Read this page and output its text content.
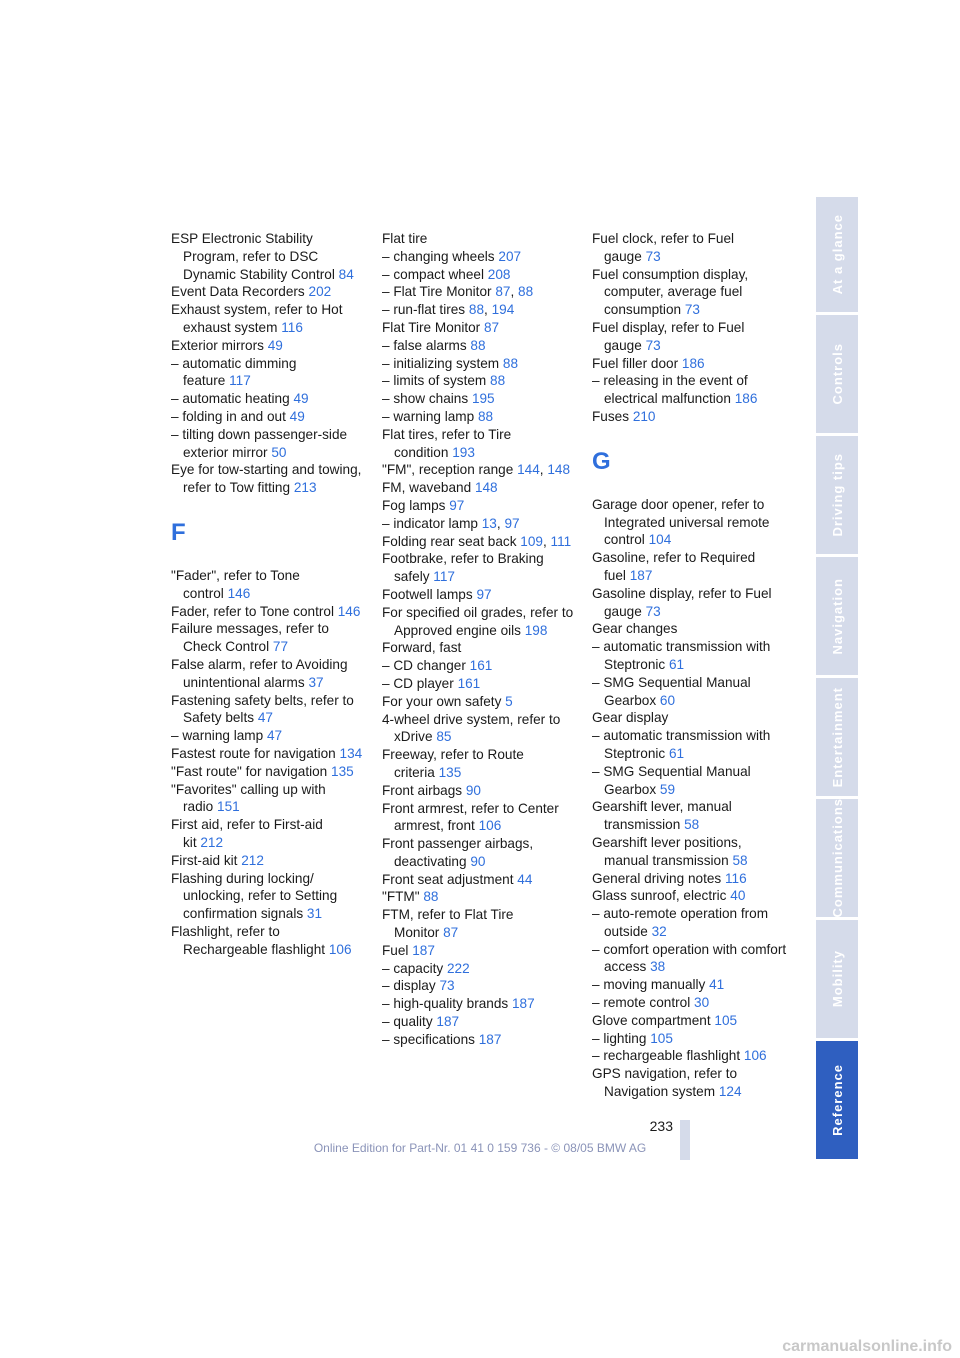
ESP Electronic Stability Program, refer to DSC Dynamic Stability Control 84

Event Data Recorders 202

Exhaust system, refer to Hot exhaust system 116

Exterior mirrors 49

– automatic dimming feature 117

– automatic heating 49

– folding in and out 49

– tilting down passenger-side exterior mirror 50

Eye for tow-starting and towing, refer to Tow fitting 213

F

"Fader", refer to Tone control 146

Fader, refer to Tone control 146

Failure messages, refer to Check Control 77

False alarm, refer to Avoiding unintentional alarms 37

Fastening safety belts, refer to Safety belts 47

– warning lamp 47

Fastest route for navigation 134

"Fast route" for navigation 135

"Favorites" calling up with radio 151

First aid, refer to First-aid kit 212

First-aid kit 212

Flashing during locking/ unlocking, refer to Setting confirmation signals 31

Flashlight, refer to Rechargeable flashlight 106

Flat tire

– changing wheels 207

– compact wheel 208

– Flat Tire Monitor 87, 88

– run-flat tires 88, 194

Flat Tire Monitor 87

– false alarms 88

– initializing system 88

– limits of system 88

– show chains 195

– warning lamp 88

Flat tires, refer to Tire condition 193

"FM", reception range 144, 148

FM, waveband 148

Fog lamps 97

– indicator lamp 13, 97

Folding rear seat back 109, 111

Footbrake, refer to Braking safely 117

Footwell lamps 97

For specified oil grades, refer to Approved engine oils 198

Forward, fast

– CD changer 161

– CD player 161

For your own safety 5

4-wheel drive system, refer to xDrive 85

Freeway, refer to Route criteria 135

Front airbags 90

Front armrest, refer to Center armrest, front 106

Front passenger airbags, deactivating 90

Front seat adjustment 44

"FTM" 88

FTM, refer to Flat Tire Monitor 87

Fuel 187

– capacity 222

– display 73

– high-quality brands 187

– quality 187

– specifications 187

Fuel clock, refer to Fuel gauge 73

Fuel consumption display, computer, average fuel consumption 73

Fuel display, refer to Fuel gauge 73

Fuel filler door 186

– releasing in the event of electrical malfunction 186

Fuses 210

G

Garage door opener, refer to Integrated universal remote control 104

Gasoline, refer to Required fuel 187

Gasoline display, refer to Fuel gauge 73

Gear changes

– automatic transmission with Steptronic 61

– SMG Sequential Manual Gearbox 60

Gear display

– automatic transmission with Steptronic 61

– SMG Sequential Manual Gearbox 59

Gearshift lever, manual transmission 58

Gearshift lever positions, manual transmission 58

General driving notes 116

Glass sunroof, electric 40

– auto-remote operation from outside 32

– comfort operation with comfort access 38

– moving manually 41

– remote control 30

Glove compartment 105

– lighting 105

– rechargeable flashlight 106

GPS navigation, refer to Navigation system 124

At a glance
Controls
Driving tips
Navigation
Entertainment
Communications
Mobility
Reference
233
Online Edition for Part-Nr. 01 41 0 159 736 - © 08/05 BMW AG
carmanualsonline.info
